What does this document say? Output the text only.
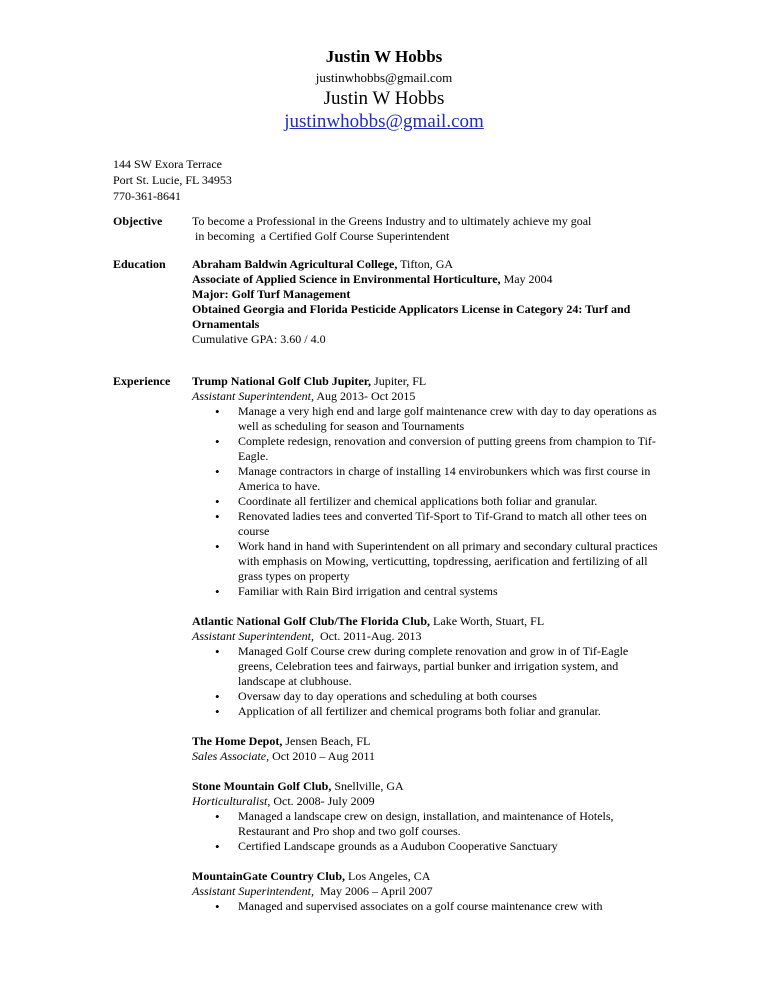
Justin W Hobbs
justinwhobbs@gmail.com
Justin W Hobbs
justinwhobbs@gmail.com
144 SW Exora Terrace
Port St. Lucie, FL 34953
770-361-8641
Objective To become a Professional in the Greens Industry and to ultimately achieve my goal
in becoming  a Certified Golf Course Superintendent
Education Abraham Baldwin Agricultural College, Tifton, GA
Associate of Applied Science in Environmental Horticulture, May 2004
Major: Golf Turf Management
Obtained Georgia and Florida Pesticide Applicators License in Category 24: Turf and Ornamentals
Cumulative GPA: 3.60 / 4.0
Experience Trump National Golf Club Jupiter, Jupiter, FL
Assistant Superintendent, Aug 2013- Oct 2015
• Manage a very high end and large golf maintenance crew with day to day operations as well as scheduling for season and Tournaments
• Complete redesign, renovation and conversion of putting greens from champion to Tif-Eagle.
• Manage contractors in charge of installing 14 envirobunkers which was first course in America to have.
• Coordinate all fertilizer and chemical applications both foliar and granular.
• Renovated ladies tees and converted Tif-Sport to Tif-Grand to match all other tees on course
• Work hand in hand with Superintendent on all primary and secondary cultural practices with emphasis on Mowing, verticutting, topdressing, aerification and fertilizing of all grass types on property
• Familiar with Rain Bird irrigation and central systems
Atlantic National Golf Club/The Florida Club, Lake Worth, Stuart, FL
Assistant Superintendent,  Oct. 2011-Aug. 2013
• Managed Golf Course crew during complete renovation and grow in of Tif-Eagle greens, Celebration tees and fairways, partial bunker and irrigation system, and landscape at clubhouse.
• Oversaw day to day operations and scheduling at both courses
• Application of all fertilizer and chemical programs both foliar and granular.
The Home Depot, Jensen Beach, FL
Sales Associate, Oct 2010 – Aug 2011
Stone Mountain Golf Club, Snellville, GA
Horticulturalist, Oct. 2008- July 2009
• Managed a landscape crew on design, installation, and maintenance of Hotels, Restaurant and Pro shop and two golf courses.
• Certified Landscape grounds as a Audubon Cooperative Sanctuary
MountainGate Country Club, Los Angeles, CA
Assistant Superintendent,  May 2006 – April 2007
• Managed and supervised associates on a golf course maintenance crew with
